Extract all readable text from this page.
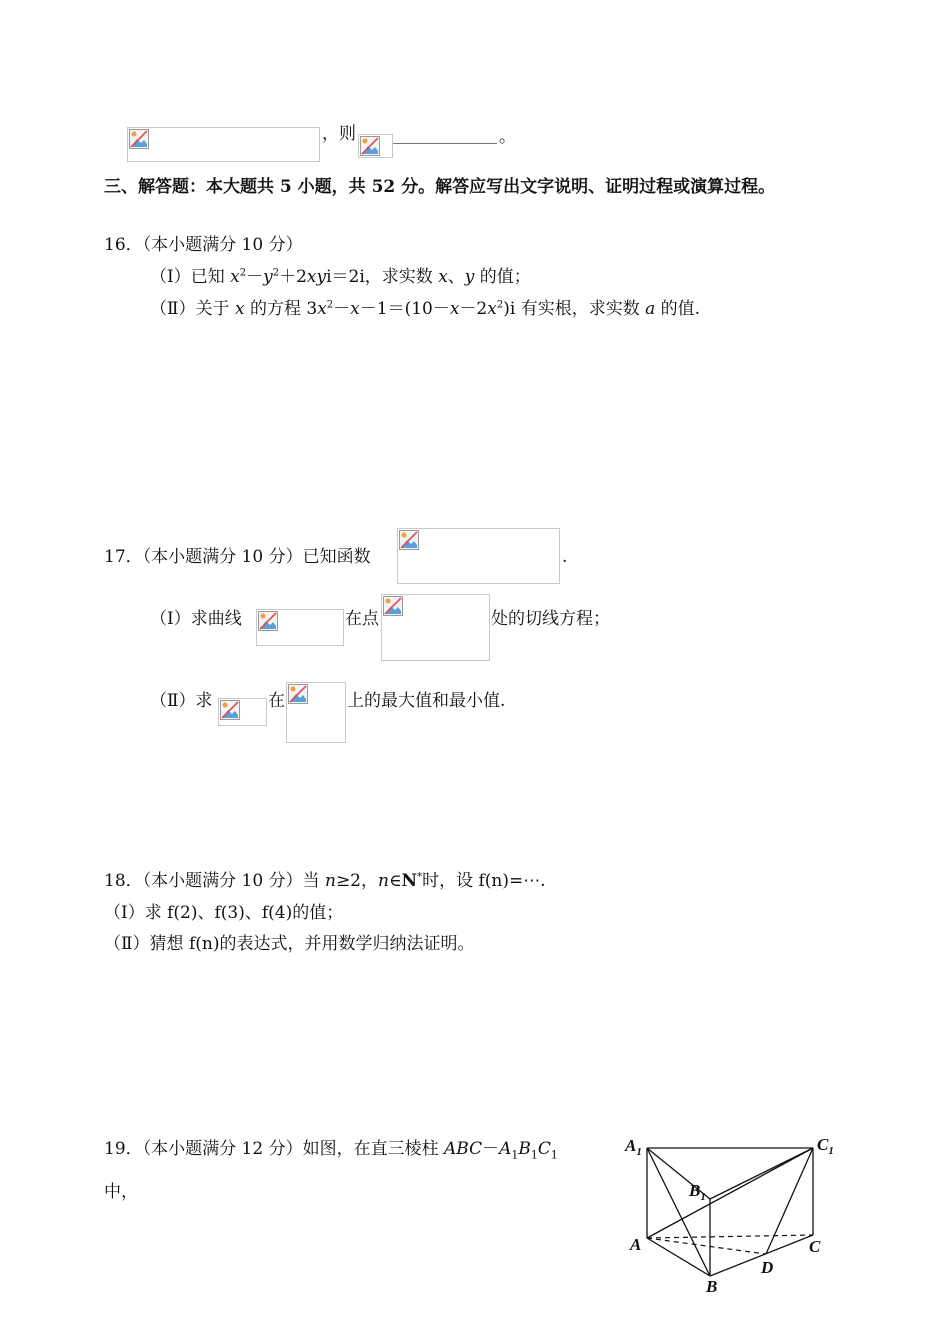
，则	。
三、解答题：本大题共 5 小题，共 52 分。解答应写出文字说明、证明过程或演算过程。
16．（本小题满分 10 分）
（Ⅰ）已知 $x^2-y^2+2xyi=2i$，求实数 x、y 的值；
（Ⅱ）关于 x 的方程 $3x^2-x-1=(10-x-2x^2)i$ 有实根，求实数 a 的值.
17．（本小题满分 10 分）已知函数	.
（Ⅰ）求曲线	在点	处的切线方程；
（Ⅱ）求	在	上的最大值和最小值.
18．（本小题满分 10 分）当 n≥2，n∈N*时，设 f(n)=⋯.
（Ⅰ）求 f(2)、f(3)、f(4)的值；
（Ⅱ）猜想 f(n)的表达式，并用数学归纳法证明。
19．（本小题满分 12 分）如图，在直三棱柱 $ABC-A_1B_1C_1$
中，
$A_1$	$C_1$
$B_1$
A	C
D
B
